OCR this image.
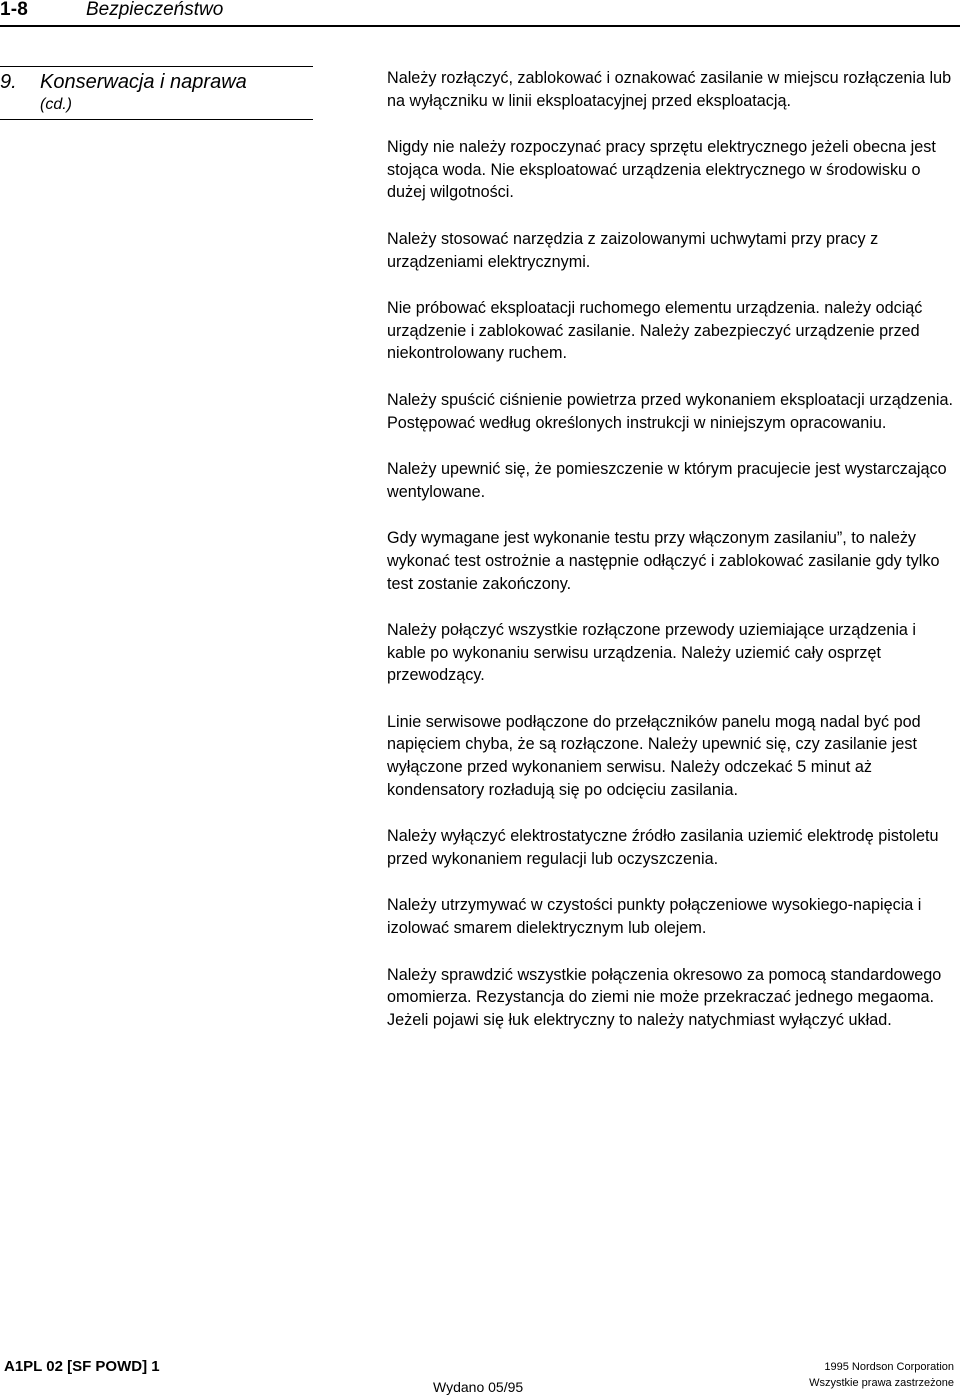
1-8	Bezpieczeństwo
9. Konserwacja i naprawa
(cd.)

Należy rozłączyć, zablokować i oznakować zasilanie w miejscu rozłączenia lub na wyłączniku w linii eksploatacyjnej przed eksploatacją.

Nigdy nie należy rozpoczynać pracy sprzętu elektrycznego jeżeli obecna jest stojąca woda. Nie eksploatować urządzenia elektrycznego w środowisku o dużej wilgotności.

Należy stosować narzędzia z zaizolowanymi uchwytami przy pracy z urządzeniami elektrycznymi.

Nie próbować eksploatacji ruchomego elementu urządzenia. należy odciąć urządzenie i zablokować zasilanie. Należy zabezpieczyć urządzenie przed niekontrolowany ruchem.

Należy spuścić ciśnienie powietrza przed wykonaniem eksploatacji urządzenia. Postępować według określonych instrukcji w niniejszym opracowaniu.

Należy upewnić się, że pomieszczenie w którym pracujecie jest wystarczająco wentylowane.

Gdy wymagane jest wykonanie testu przy włączonym zasilaniu”, to należy wykonać test ostrożnie a następnie odłączyć i zablokować zasilanie gdy tylko test zostanie zakończony.

Należy połączyć wszystkie rozłączone przewody uziemiające urządzenia i kable po wykonaniu serwisu urządzenia. Należy uziemić cały osprzęt przewodzący.

Linie serwisowe podłączone do przełączników panelu mogą nadal być pod napięciem chyba, że są rozłączone. Należy upewnić się, czy zasilanie jest wyłączone przed wykonaniem serwisu. Należy odczekać 5 minut aż kondensatory rozładują się po odcięciu zasilania.

Należy wyłączyć elektrostatyczne źródło zasilania uziemić elektrodę pistoletu przed wykonaniem regulacji lub oczyszczenia.

Należy utrzymywać w czystości punkty połączeniowe wysokiego-napięcia i izolować smarem dielektrycznym lub olejem.

Należy sprawdzić wszystkie połączenia okresowo za pomocą standardowego omomierza. Rezystancja do ziemi nie może przekraczać jednego megaoma. Jeżeli pojawi się łuk elektryczny to należy natychmiast wyłączyć układ.

A1PL 02 [SF POWD] 1
Wydano 05/95
1995 Nordson Corporation
Wszystkie prawa zastrzeżone
